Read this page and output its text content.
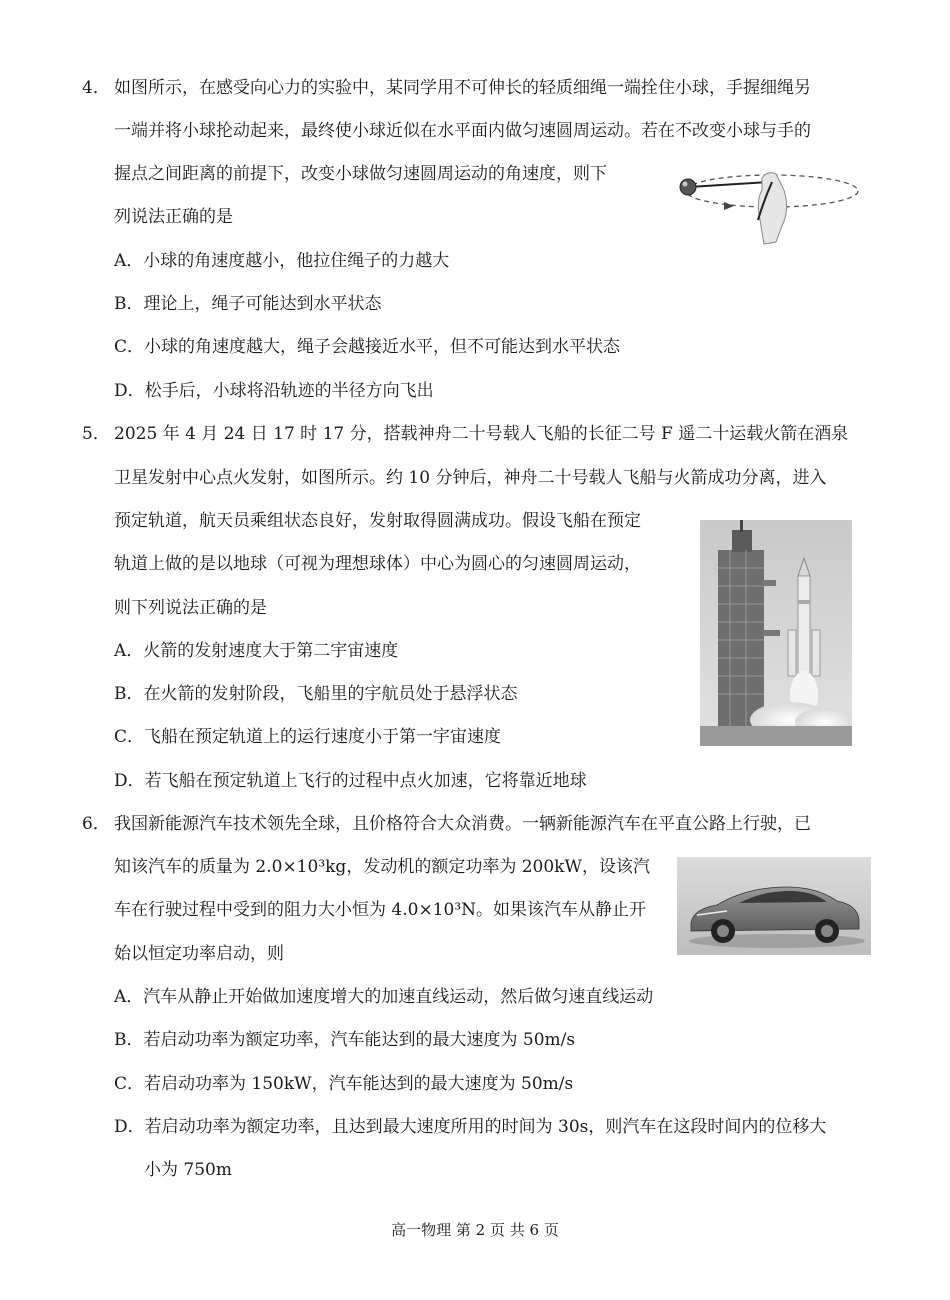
4． 如图所示，在感受向心力的实验中，某同学用不可伸长的轻质细绳一端拴住小球，手握细绳另
一端并将小球抡动起来，最终使小球近似在水平面内做匀速圆周运动。若在不改变小球与手的
握点之间距离的前提下，改变小球做匀速圆周运动的角速度，则下
列说法正确的是
A．小球的角速度越小，他拉住绳子的力越大
B．理论上，绳子可能达到水平状态
C．小球的角速度越大，绳子会越接近水平，但不可能达到水平状态
D．松手后，小球将沿轨迹的半径方向飞出
5． 2025 年 4 月 24 日 17 时 17 分，搭载神舟二十号载人飞船的长征二号 F 遥二十运载火箭在酒泉
卫星发射中心点火发射，如图所示。约 10 分钟后，神舟二十号载人飞船与火箭成功分离，进入
预定轨道，航天员乘组状态良好，发射取得圆满成功。假设飞船在预定
轨道上做的是以地球（可视为理想球体）中心为圆心的匀速圆周运动，
则下列说法正确的是
A．火箭的发射速度大于第二宇宙速度
B．在火箭的发射阶段，飞船里的宇航员处于悬浮状态
C．飞船在预定轨道上的运行速度小于第一宇宙速度
D．若飞船在预定轨道上飞行的过程中点火加速，它将靠近地球
6． 我国新能源汽车技术领先全球，且价格符合大众消费。一辆新能源汽车在平直公路上行驶，已
知该汽车的质量为 2.0×10³kg，发动机的额定功率为 200kW，设该汽
车在行驶过程中受到的阻力大小恒为 4.0×10³N。如果该汽车从静止开
始以恒定功率启动，则
A．汽车从静止开始做加速度增大的加速直线运动，然后做匀速直线运动
B．若启动功率为额定功率，汽车能达到的最大速度为 50m/s
C．若启动功率为 150kW，汽车能达到的最大速度为 50m/s
D．若启动功率为额定功率，且达到最大速度所用的时间为 30s，则汽车在这段时间内的位移大
小为 750m
高一物理 第 2 页 共 6 页
